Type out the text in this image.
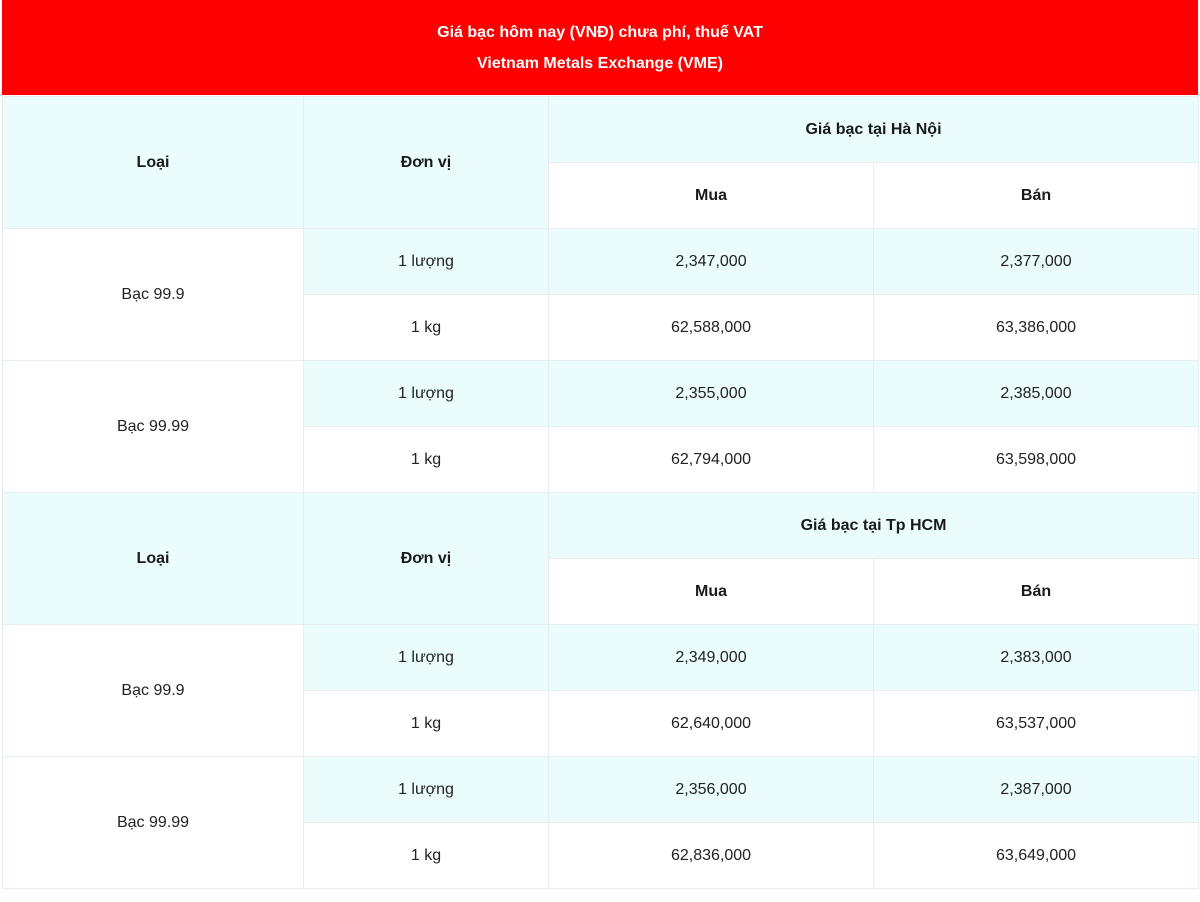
Giá bạc hôm nay (VNĐ) chưa phí, thuế VAT
Vietnam Metals Exchange (VME)
Loại	Đơn vị	Giá bạc tại Hà Nội	
		Mua	Bán
Bạc 99.9	1 lượng	2,347,000	2,377,000
	1 kg	62,588,000	63,386,000
Bạc 99.99	1 lượng	2,355,000	2,385,000
	1 kg	62,794,000	63,598,000
Loại	Đơn vị	Giá bạc tại Tp HCM	
		Mua	Bán
Bạc 99.9	1 lượng	2,349,000	2,383,000
	1 kg	62,640,000	63,537,000
Bạc 99.99	1 lượng	2,356,000	2,387,000
	1 kg	62,836,000	63,649,000
